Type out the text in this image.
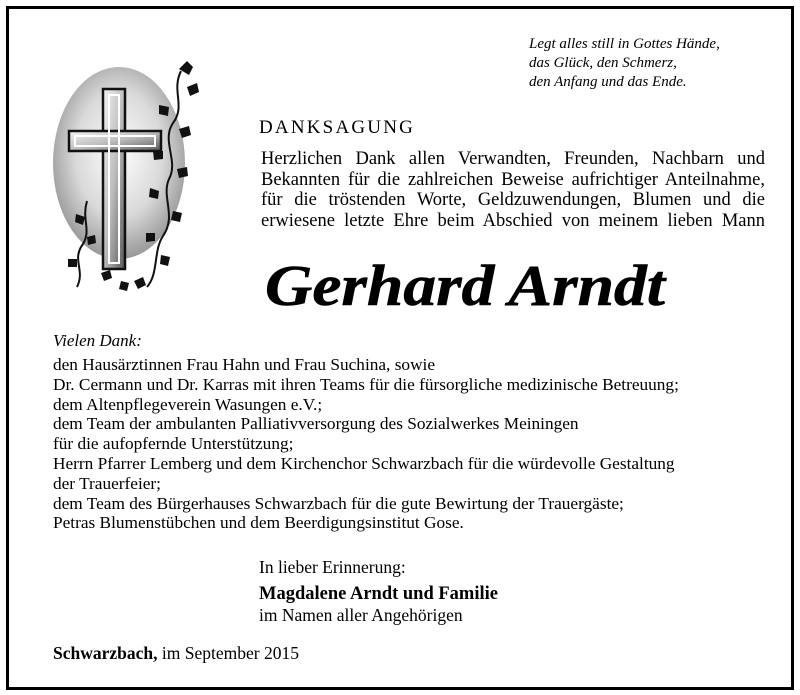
Legt alles still in Gottes Hände,
das Glück, den Schmerz,
den Anfang und das Ende.
DANKSAGUNG
Herzlichen Dank allen Verwandten, Freunden, Nachbarn und
Bekannten für die zahlreichen Beweise aufrichtiger Anteilnahme,
für die tröstenden Worte, Geldzuwendungen, Blumen und die
erwiesene letzte Ehre beim Abschied von meinem lieben Mann
Gerhard Arndt
Vielen Dank:
den Hausärztinnen Frau Hahn und Frau Suchina, sowie
Dr. Cermann und Dr. Karras mit ihren Teams für die fürsorgliche medizinische Betreuung;
dem Altenpflegeverein Wasungen e.V.;
dem Team der ambulanten Palliativversorgung des Sozialwerkes Meiningen
für die aufopfernde Unterstützung;
Herrn Pfarrer Lemberg und dem Kirchenchor Schwarzbach für die würdevolle Gestaltung
der Trauerfeier;
dem Team des Bürgerhauses Schwarzbach für die gute Bewirtung der Trauergäste;
Petras Blumenstübchen und dem Beerdigungsinstitut Gose.
In lieber Erinnerung:
Magdalene Arndt und Familie
im Namen aller Angehörigen
Schwarzbach, im September 2015
